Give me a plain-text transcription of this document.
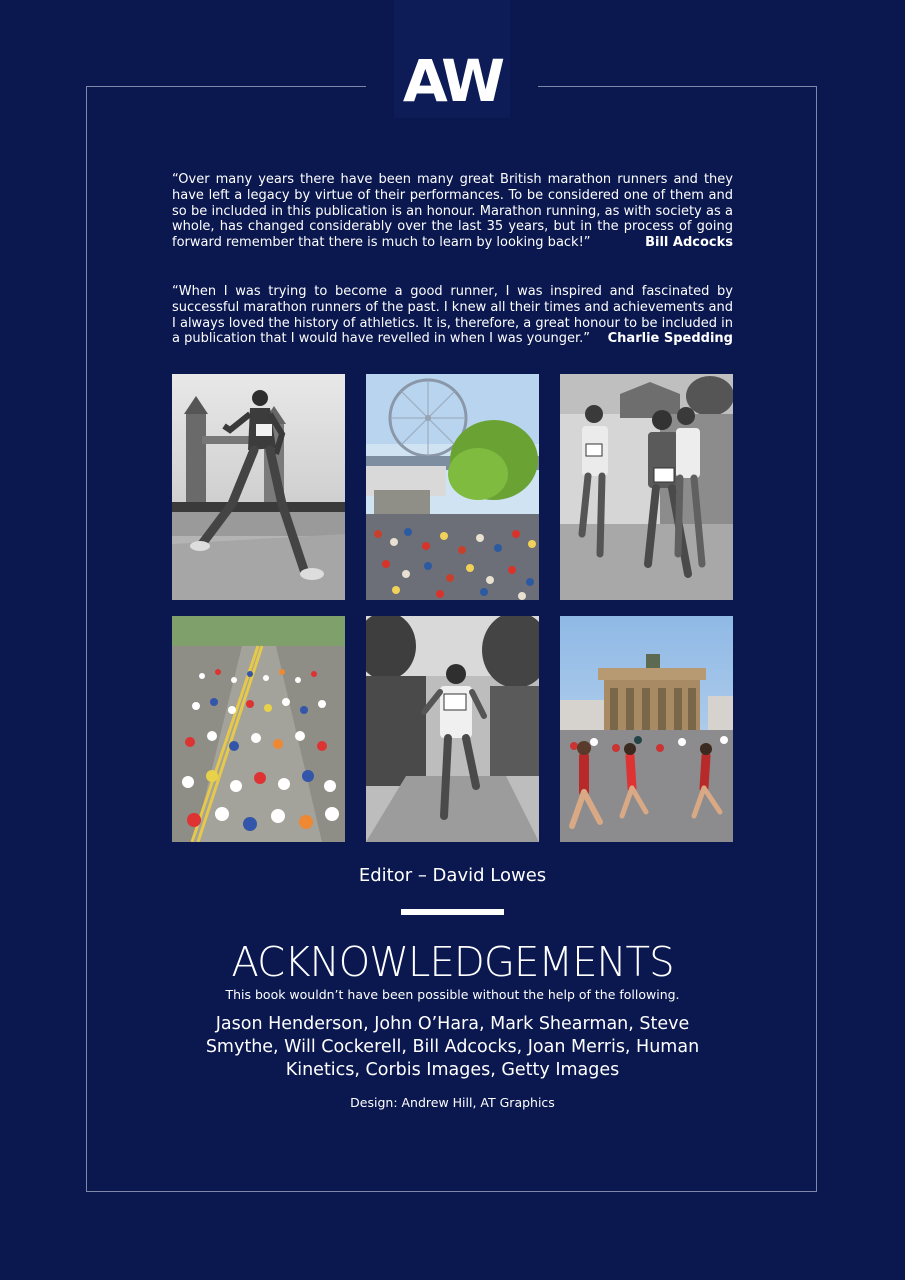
AW
“Over many years there have been many great British marathon runners and they have left a legacy by virtue of their performances. To be considered one of them and so be included in this publication is an honour. Marathon running, as with society as a whole, has changed considerably over the last 35 years, but in the process of going forward remember that there is much to learn by looking back!”	Bill Adcocks
“When I was trying to become a good runner, I was inspired and fascinated by successful marathon runners of the past. I knew all their times and achievements and I always loved the history of athletics. It is, therefore, a great honour to be included in a publication that I would have revelled in when I was younger.” Charlie Spedding
Editor – David Lowes
ACKNOWLEDGEMENTS
This book wouldn’t have been possible without the help of the following.
Jason Henderson, John O’Hara, Mark Shearman, Steve Smythe, Will Cockerell, Bill Adcocks, Joan Merris, Human Kinetics, Corbis Images, Getty Images
Design: Andrew Hill, AT Graphics
